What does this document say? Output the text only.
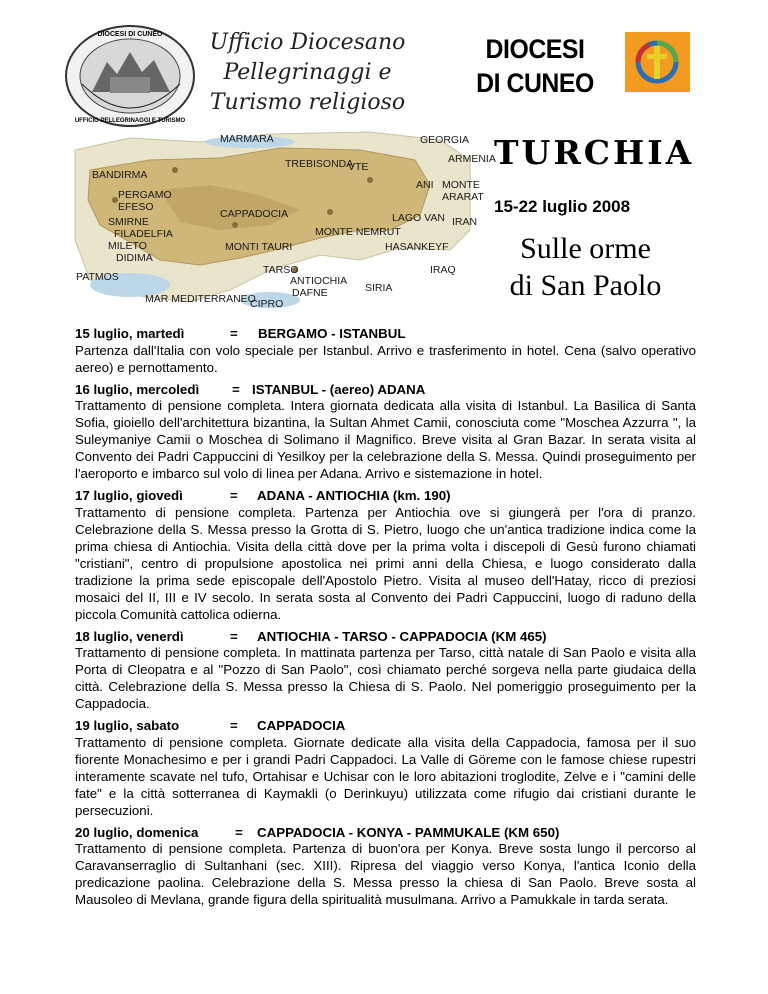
DIOCESI DI CUNEO
UFFICIO PELLEGRINAGGI E TURISMO
Ufficio Diocesano
Pellegrinaggi e
Turismo religioso
DIOCESI
DI CUNEO
MARMARA	GEORGIA
ARMENIA
BANDIRMA
TREBISONDA
ANI MONTE
ARARAT
PERGAMO
EFESO
IRAN
SMIRNE
FILADELFIA
MILETO
DIDIMA
CAPPADOCIA
MONTE NEMRUT
LAGO VAN
MONTI TAURI	HASANKEYF
PATMOS
TARSO
ANTIOCHIA
IRAQ
DAFNE	SIRIA
MAR MEDITERRANEO
CIPRO
VTE	TURCHIA
15-22 luglio 2008
Sulle orme
di San Paolo
15 luglio, martedì	= BERGAMO - ISTANBUL
Partenza dall'Italia con volo speciale per Istanbul. Arrivo e trasferimento in hotel. Cena (salvo operativo aereo) e pernottamento.
16 luglio, mercoledì = ISTANBUL - (aereo) ADANA
Trattamento di pensione completa. Intera giornata dedicata alla visita di Istanbul. La Basilica di Santa Sofia, gioiello dell'architettura bizantina, la Sultan Ahmet Camii, conosciuta come "Moschea Azzurra ", la Suleymaniye Camii o Moschea di Solimano il Magnifico. Breve visita al Gran Bazar. In serata visita al Convento dei Padri Cappuccini di Yesilkoy per la celebrazione della S. Messa. Quindi proseguimento per l'aeroporto e imbarco sul volo di linea per Adana. Arrivo e sistemazione in hotel.
17 luglio, giovedì	= ADANA - ANTIOCHIA (km. 190)
Trattamento di pensione completa. Partenza per Antiochia ove si giungerà per l'ora di pranzo. Celebrazione della S. Messa presso la Grotta di S. Pietro, luogo che un'antica tradizione indica come la prima chiesa di Antiochia. Visita della città dove per la prima volta i discepoli di Gesù furono chiamati "cristiani", centro di propulsione apostolica nei primi anni della Chiesa, e luogo considerato dalla tradizione la prima sede episcopale dell'Apostolo Pietro. Visita al museo dell'Hatay, ricco di preziosi mosaici del II, III e IV secolo. In serata sosta al Convento dei Padri Cappuccini, luogo di raduno della piccola Comunità cattolica odierna.
18 luglio, venerdì	= ANTIOCHIA - TARSO - CAPPADOCIA (KM 465)
Trattamento di pensione completa. In mattinata partenza per Tarso, città natale di San Paolo e visita alla Porta di Cleopatra e al "Pozzo di San Paolo", così chiamato perché sorgeva nella parte giudaica della città. Celebrazione della S. Messa presso la Chiesa di S. Paolo. Nel pomeriggio proseguimento per la Cappadocia.
19 luglio, sabato	= CAPPADOCIA
Trattamento di pensione completa. Giornate dedicate alla visita della Cappadocia, famosa per il suo fiorente Monachesimo e per i grandi Padri Cappadoci. La Valle di Göreme con le famose chiese rupestri interamente scavate nel tufo, Ortahisar e Uchisar con le loro abitazioni troglodite, Zelve e i "camini delle fate" e la città sotterranea di Kaymakli (o Derinkuyu) utilizzata come rifugio dai cristiani durante le persecuzioni.
20 luglio, domenica	= CAPPADOCIA - KONYA - PAMMUKALE (KM 650)
Trattamento di pensione completa. Partenza di buon'ora per Konya. Breve sosta lungo il percorso al Caravanserraglio di Sultanhani (sec. XIII). Ripresa del viaggio verso Konya, l'antica Iconio della predicazione paolina. Celebrazione della S. Messa presso la chiesa di San Paolo. Breve sosta al Mausoleo di Mevlana, grande figura della spiritualità musulmana. Arrivo a Pamukkale in tarda serata.
